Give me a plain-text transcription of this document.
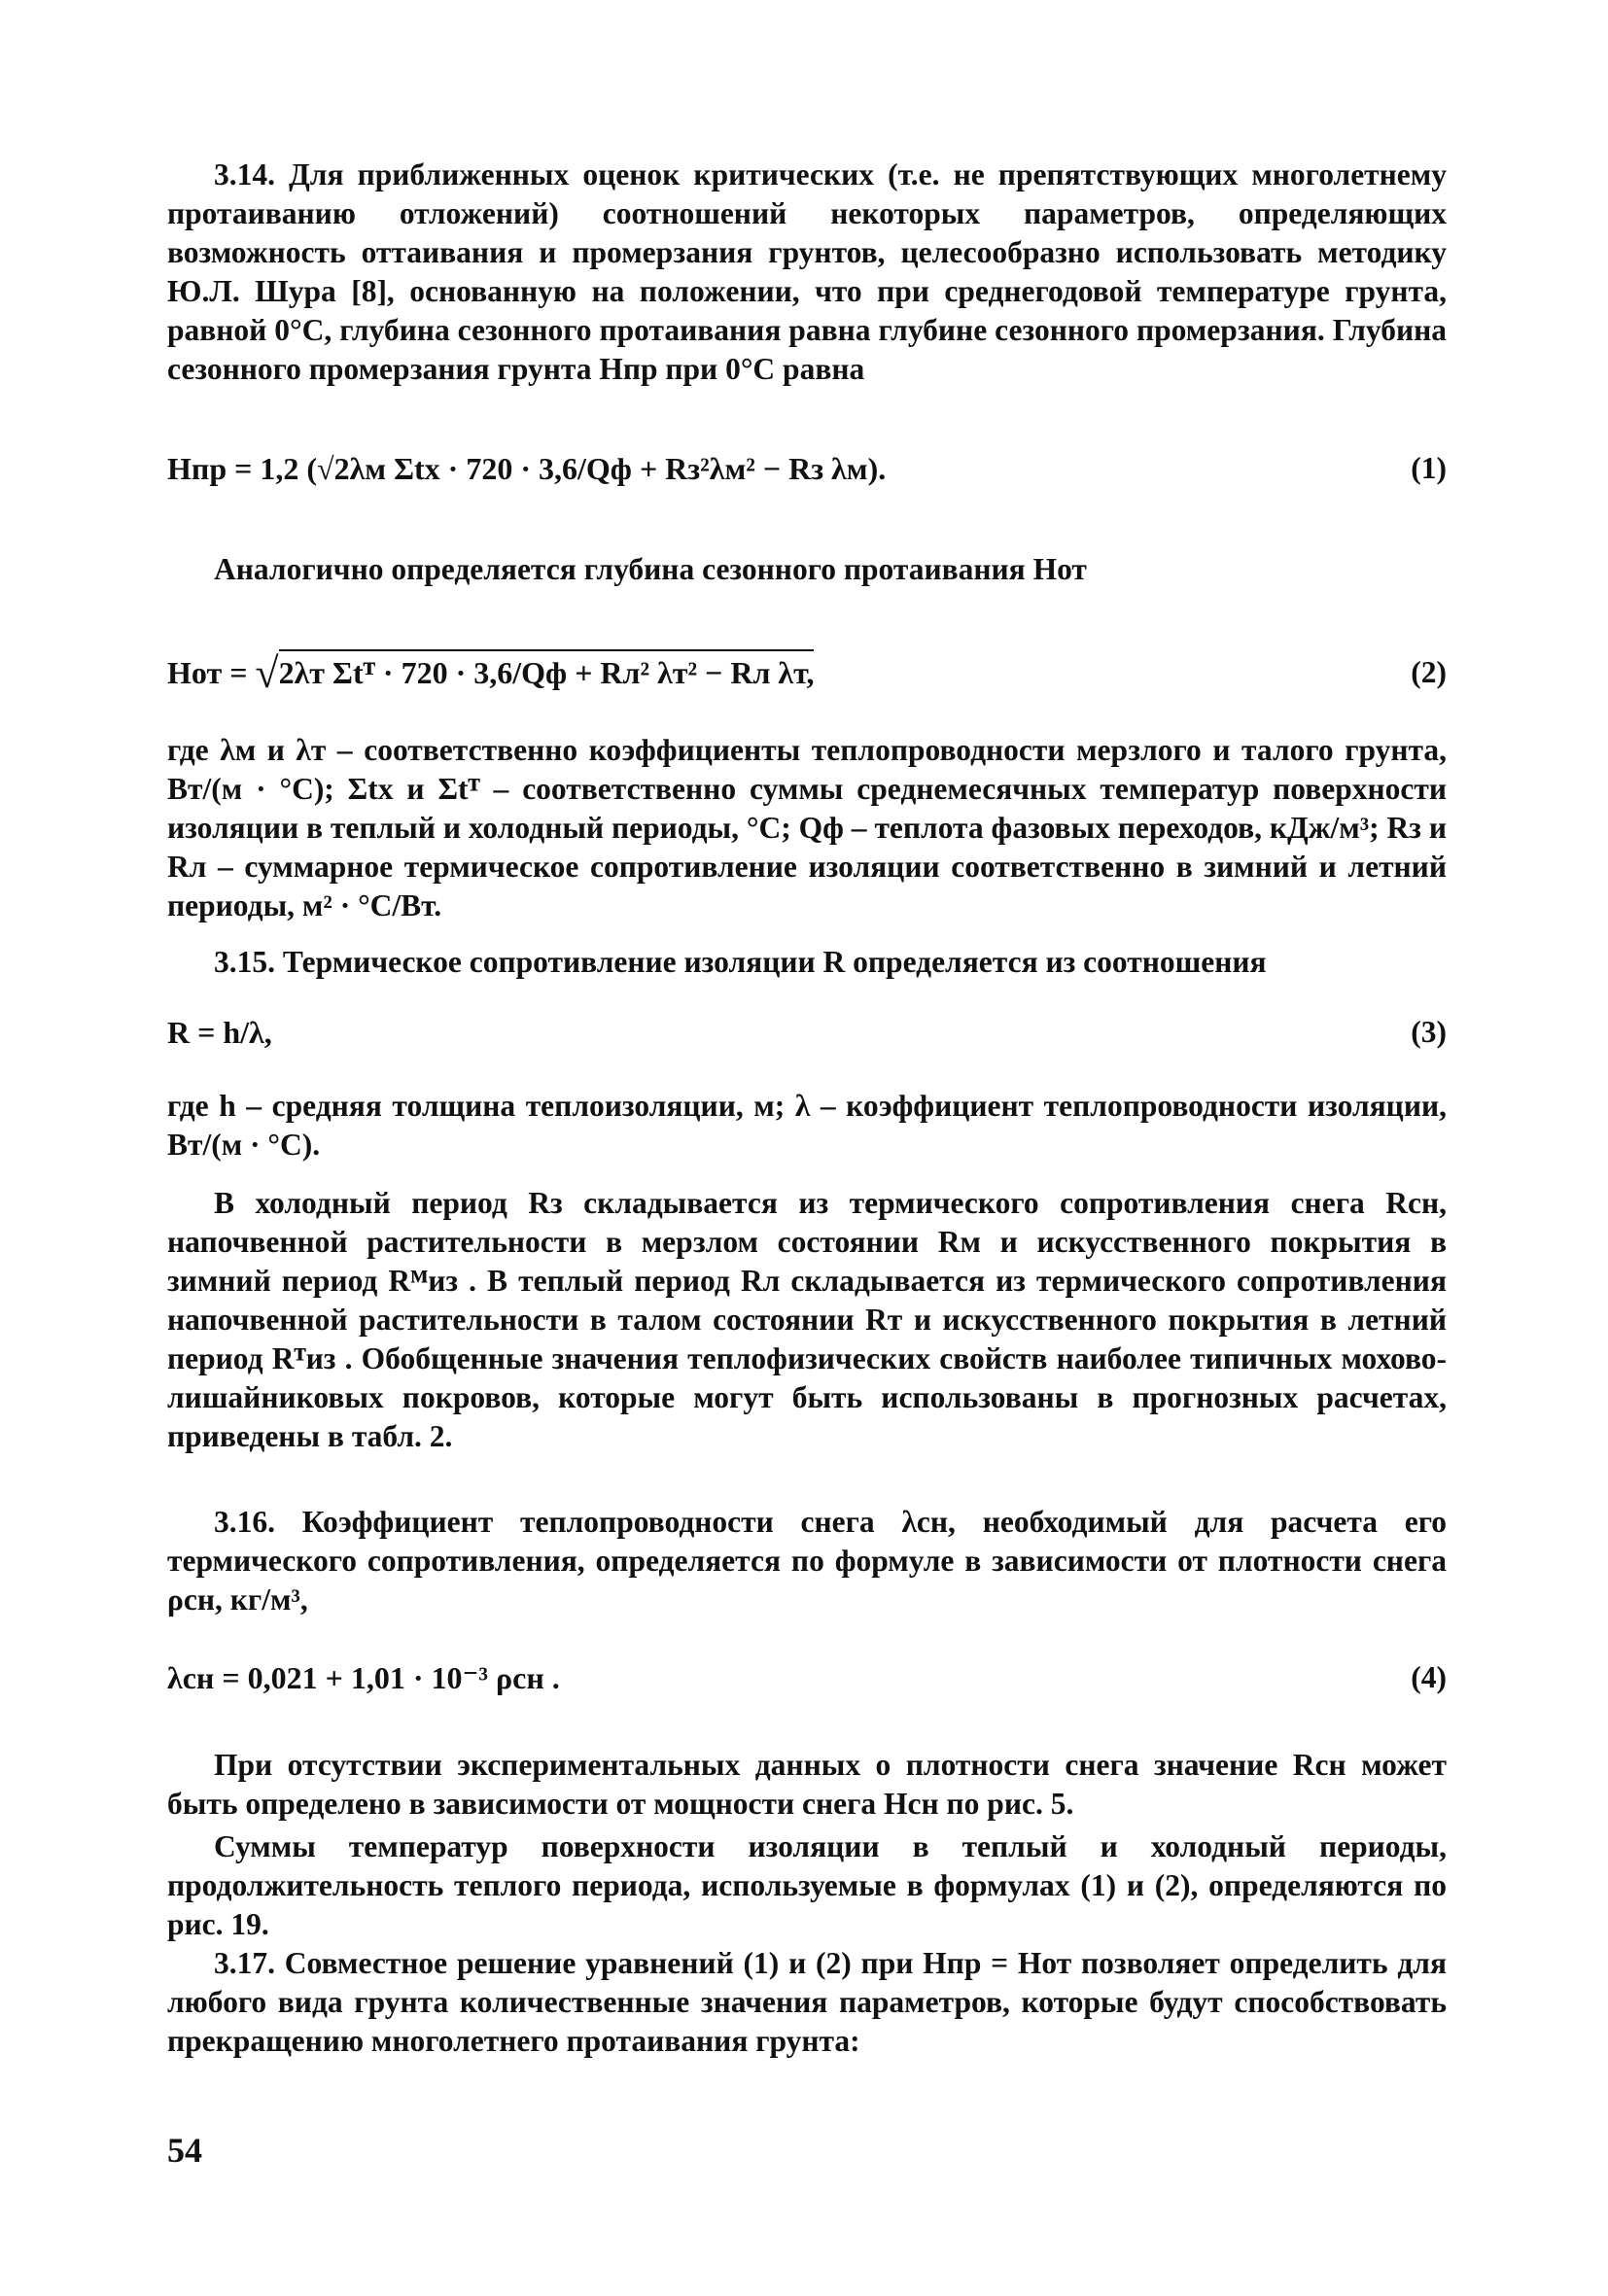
3.14. Для приближенных оценок критических (т.е. не препятствующих многолетнему протаиванию отложений) соотношений некоторых параметров, определяющих возможность оттаивания и промерзания грунтов, целесообразно использовать методику Ю.Л. Шура [8], основанную на положении, что при среднегодовой температуре грунта, равной 0°С, глубина сезонного протаивания равна глубине сезонного промерзания. Глубина сезонного промерзания грунта Hпр при 0°С равна

Hпр = 1,2 (√2λм Σtх · 720 · 3,6/Qф + Rз²λм² − Rз λм).	(1)

Аналогично определяется глубина сезонного протаивания Hот

Hот = √2λт Σtᵀ · 720 · 3,6/Qф + Rл² λт² − Rл λт,	(2)

где λм и λт – соответственно коэффициенты теплопроводности мерзлого и талого грунта, Вт/(м · °С); Σtх и Σtᵀ – соответственно суммы среднемесячных температур поверхности изоляции в теплый и холодный периоды, °С; Qф – теплота фазовых переходов, кДж/м³; Rз и Rл – суммарное термическое сопротивление изоляции соответственно в зимний и летний периоды, м² · °С/Вт.

3.15. Термическое сопротивление изоляции R определяется из соотношения

R = h/λ,	(3)

где h – средняя толщина теплоизоляции, м; λ – коэффициент теплопроводности изоляции, Вт/(м · °С).

В холодный период Rз складывается из термического сопротивления снега Rсн, напочвенной растительности в мерзлом состоянии Rм и искусственного покрытия в зимний период Rᴹиз . В теплый период Rл складывается из термического сопротивления напочвенной растительности в талом состоянии Rт и искусственного покрытия в летний период Rᵀиз . Обобщенные значения теплофизических свойств наиболее типичных мохово-лишайниковых покровов, которые могут быть использованы в прогнозных расчетах, приведены в табл. 2.

3.16. Коэффициент теплопроводности снега λсн, необходимый для расчета его термического сопротивления, определяется по формуле в зависимости от плотности снега ρсн, кг/м³,

λсн = 0,021 + 1,01 · 10⁻³ ρсн .	(4)

При отсутствии экспериментальных данных о плотности снега значение Rсн может быть определено в зависимости от мощности снега Hсн по рис. 5.

Суммы температур поверхности изоляции в теплый и холодный периоды, продолжительность теплого периода, используемые в формулах (1) и (2), определяются по рис. 19.

3.17. Совместное решение уравнений (1) и (2) при Hпр = Hот позволяет определить для любого вида грунта количественные значения параметров, которые будут способствовать прекращению многолетнего протаивания грунта:

54
